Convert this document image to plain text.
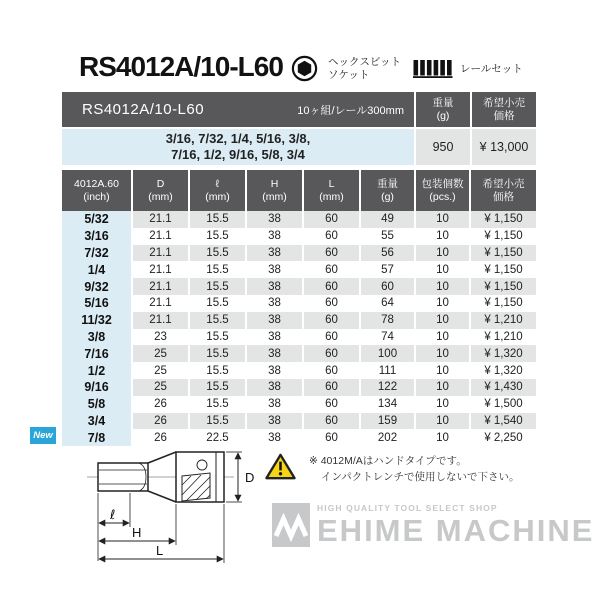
RS4012A/10-L60	ヘックスビット
ソケット	レールセット
RS4012A/10-L60	10ヶ組/レール300mm
重量
(g)
希望小売
価格
3/16, 7/32, 1/4, 5/16, 3/8,
7/16, 1/2, 9/16, 5/8, 3/4	950	¥ 13,000
4012A.60
(inch)
D
(mm)
ℓ
(mm)
H
(mm)
L
(mm)
重量
(g)
包装個数
(pcs.)
希望小売
価格
5/32	21.1	15.5	38	60	49	10	¥ 1,150
3/16	21.1	15.5	38	60	55	10	¥ 1,150
7/32	21.1	15.5	38	60	56	10	¥ 1,150
1/4	21.1	15.5	38	60	57	10	¥ 1,150
9/32	21.1	15.5	38	60	60	10	¥ 1,150
5/16	21.1	15.5	38	60	64	10	¥ 1,150
11/32	21.1	15.5	38	60	78	10	¥ 1,210
3/8	23	15.5	38	60	74	10	¥ 1,210
7/16	25	15.5	38	60	100	10	¥ 1,320
1/2	25	15.5	38	60	111	10	¥ 1,320
9/16	25	15.5	38	60	122	10	¥ 1,430
5/8	26	15.5	38	60	134	10	¥ 1,500
3/4	26	15.5	38	60	159	10	¥ 1,540
7/8	26	22.5	38	60	202	10	¥ 2,250
New
D
ℓ
H
L
※ 4012M/Aはハンドタイプです。
インパクトレンチで使用しないで下さい。
HIGH QUALITY TOOL SELECT SHOP
EHIME MACHINE
